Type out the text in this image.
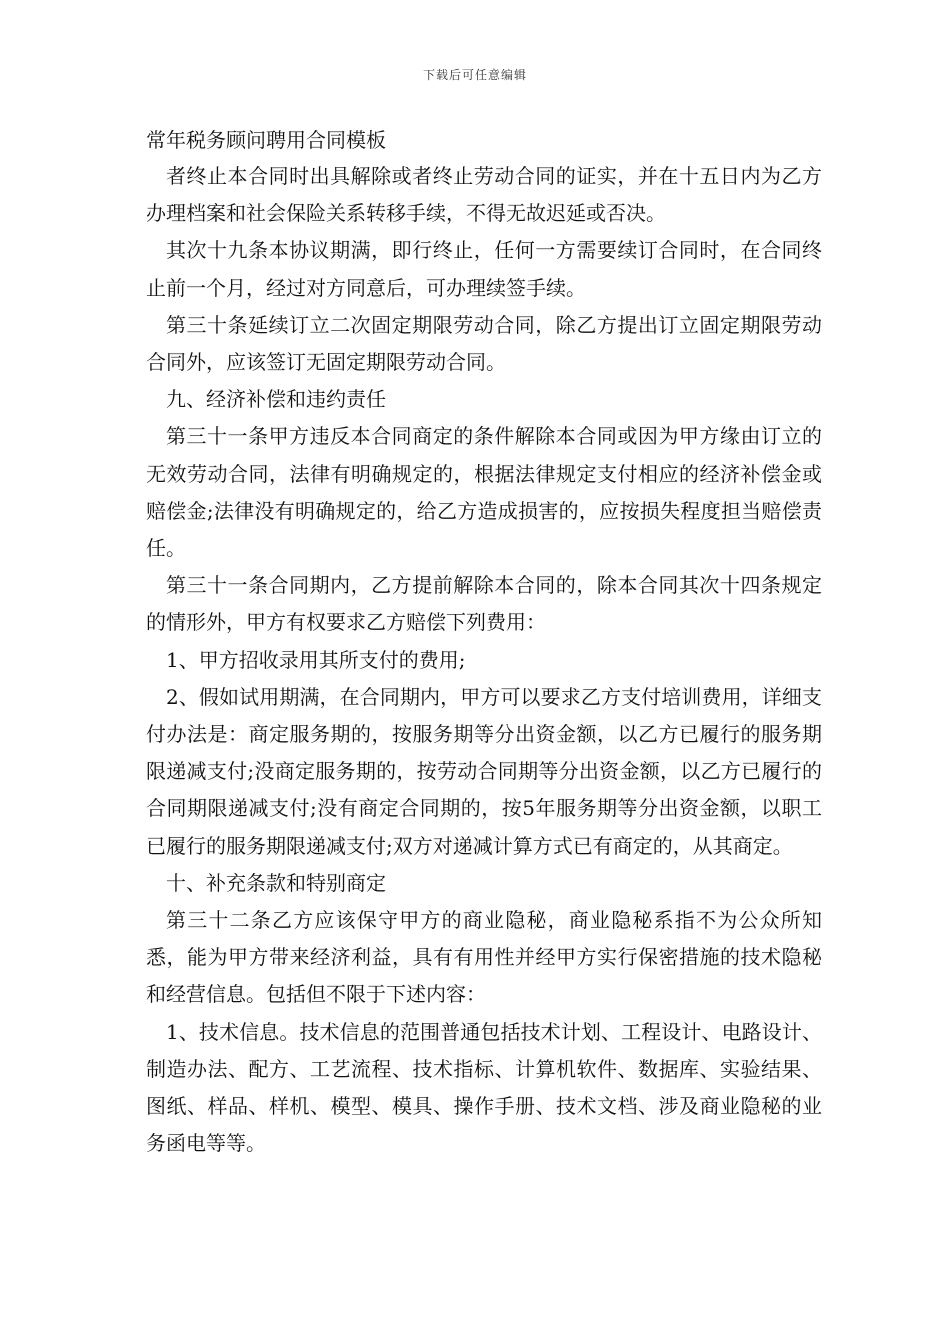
下载后可任意编辑
常年税务顾问聘用合同模板

者终止本合同时出具解除或者终止劳动合同的证实，并在十五日内为乙方办理档案和社会保险关系转移手续，不得无故迟延或否决。

其次十九条本协议期满，即行终止，任何一方需要续订合同时，在合同终止前一个月，经过对方同意后，可办理续签手续。

第三十条延续订立二次固定期限劳动合同，除乙方提出订立固定期限劳动合同外，应该签订无固定期限劳动合同。

九、经济补偿和违约责任

第三十一条甲方违反本合同商定的条件解除本合同或因为甲方缘由订立的无效劳动合同，法律有明确规定的，根据法律规定支付相应的经济补偿金或赔偿金;法律没有明确规定的，给乙方造成损害的，应按损失程度担当赔偿责任。

第三十一条合同期内，乙方提前解除本合同的，除本合同其次十四条规定的情形外，甲方有权要求乙方赔偿下列费用：

1、甲方招收录用其所支付的费用;

2、假如试用期满，在合同期内，甲方可以要求乙方支付培训费用，详细支付办法是：商定服务期的，按服务期等分出资金额，以乙方已履行的服务期限递减支付;没商定服务期的，按劳动合同期等分出资金额，以乙方已履行的合同期限递减支付;没有商定合同期的，按5年服务期等分出资金额，以职工已履行的服务期限递减支付;双方对递减计算方式已有商定的，从其商定。

十、补充条款和特别商定

第三十二条乙方应该保守甲方的商业隐秘，商业隐秘系指不为公众所知悉，能为甲方带来经济利益，具有有用性并经甲方实行保密措施的技术隐秘和经营信息。包括但不限于下述内容：

1、技术信息。技术信息的范围普通包括技术计划、工程设计、电路设计、制造办法、配方、工艺流程、技术指标、计算机软件、数据库、实验结果、图纸、样品、样机、模型、模具、操作手册、技术文档、涉及商业隐秘的业务函电等等。
